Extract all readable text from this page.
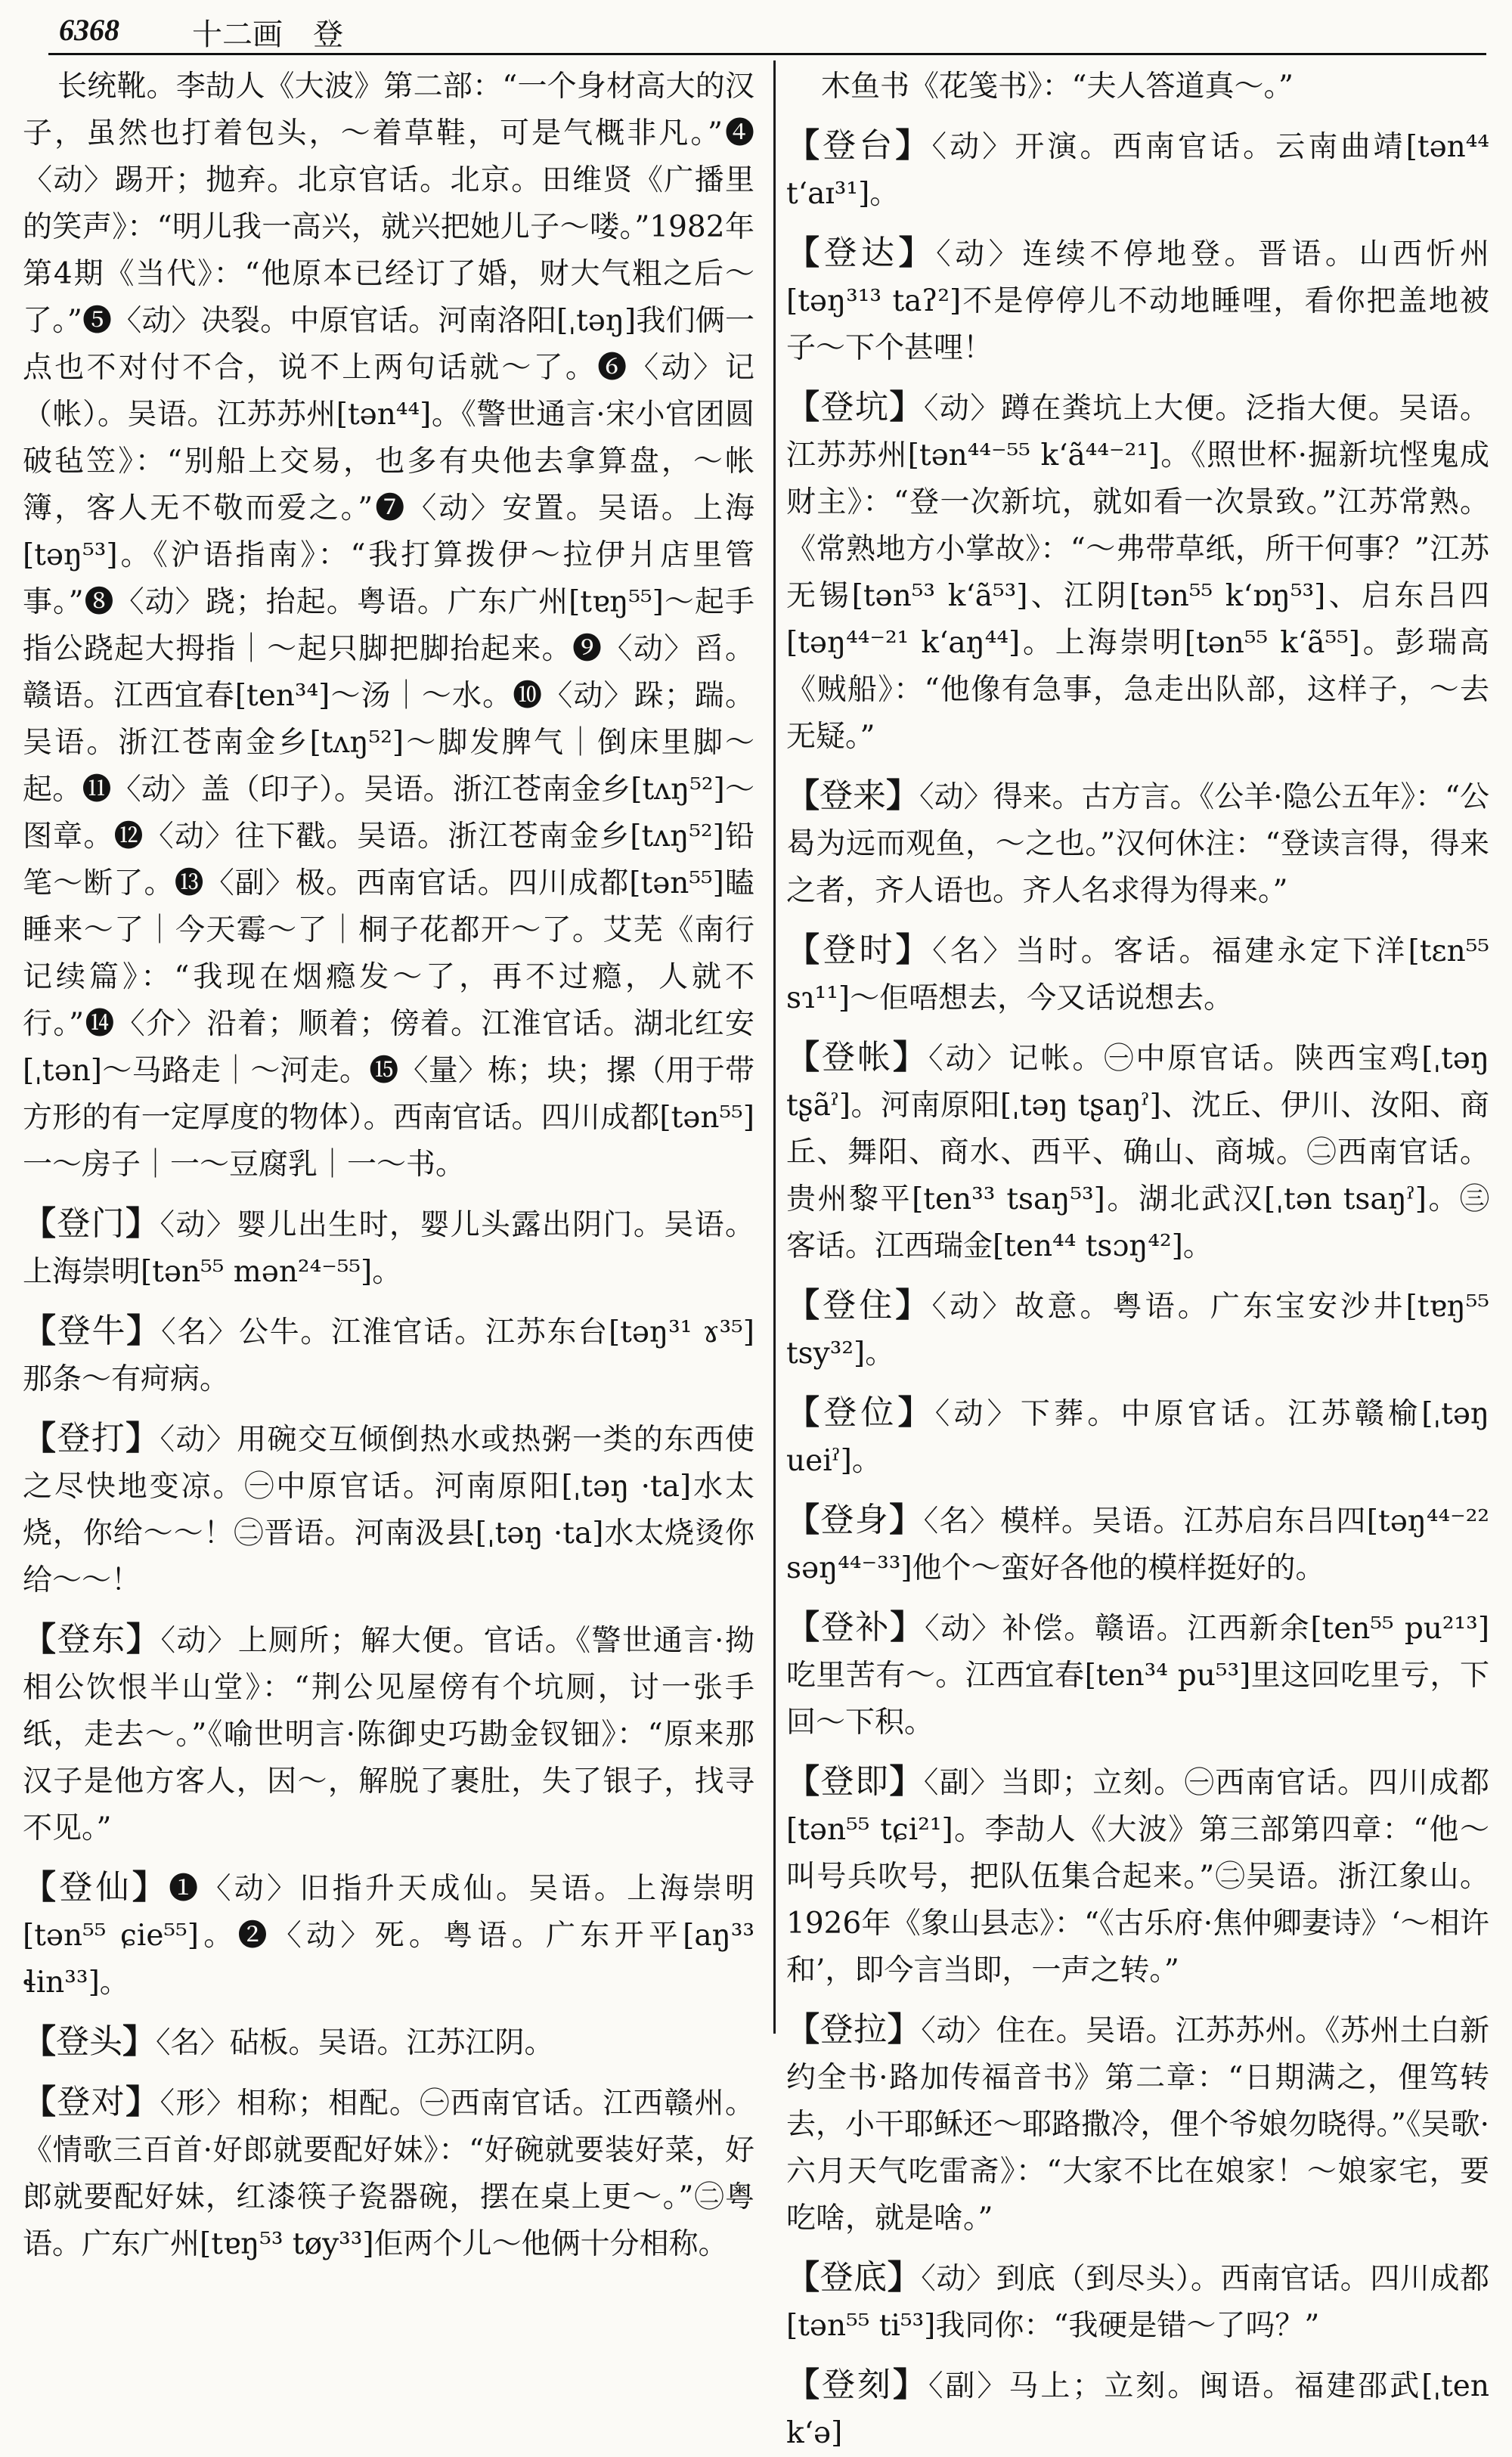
6368 十二画 登

长统靴。李劼人《大波》第二部：“一个身材高大的汉子，虽然也打着包头，～着草鞋，可是气概非凡。”❹〈动〉踢开；抛弃。北京官话。北京。田维贤《广播里的笑声》：“明儿我一高兴，就兴把她儿子～喽。”1982年第4期《当代》：“他原本已经订了婚，财大气粗之后～了。”❺〈动〉决裂。中原官话。河南洛阳[ˌtəŋ]我们俩一点也不对付不合，说不上两句话就～了。❻〈动〉记（帐）。吴语。江苏苏州[tən⁴⁴]。《警世通言·宋小官团圆破毡笠》：“别船上交易，也多有央他去拿算盘，～帐簿，客人无不敬而爱之。”❼〈动〉安置。吴语。上海[təŋ⁵³]。《沪语指南》：“我打算拨伊～拉伊爿店里管事。”❽〈动〉跷；抬起。粤语。广东广州[tɐŋ⁵⁵]～起手指公跷起大拇指｜～起只脚把脚抬起来。❾〈动〉舀。赣语。江西宜春[ten³⁴]～汤｜～水。❿〈动〉跺；踹。吴语。浙江苍南金乡[tʌŋ⁵²]～脚发脾气｜倒床里脚～起。⓫〈动〉盖（印子）。吴语。浙江苍南金乡[tʌŋ⁵²]～图章。⓬〈动〉往下戳。吴语。浙江苍南金乡[tʌŋ⁵²]铅笔～断了。⓭〈副〉极。西南官话。四川成都[tən⁵⁵]瞌睡来～了｜今天霉～了｜桐子花都开～了。艾芜《南行记续篇》：“我现在烟瘾发～了，再不过瘾，人就不行。”⓮〈介〉沿着；顺着；傍着。江淮官话。湖北红安[ˌtən]～马路走｜～河走。⓯〈量〉栋；块；摞（用于带方形的有一定厚度的物体）。西南官话。四川成都[tən⁵⁵]一～房子｜一～豆腐乳｜一～书。

【登门】〈动〉婴儿出生时，婴儿头露出阴门。吴语。上海崇明[tən⁵⁵ mən²⁴⁻⁵⁵]。

【登牛】〈名〉公牛。江淮官话。江苏东台[təŋ³¹ ɤ³⁵]那条～有疴病。

【登打】〈动〉用碗交互倾倒热水或热粥一类的东西使之尽快地变凉。㊀中原官话。河南原阳[ˌtəŋ ·ta]水太烧，你给～～！㊁晋语。河南汲县[ˌtəŋ ·ta]水太烧烫你给～～！

【登东】〈动〉上厕所；解大便。官话。《警世通言·拗相公饮恨半山堂》：“荆公见屋傍有个坑厕，讨一张手纸，走去～。”《喻世明言·陈御史巧勘金钗钿》：“原来那汉子是他方客人，因～，解脱了裹肚，失了银子，找寻不见。”

【登仙】❶〈动〉旧指升天成仙。吴语。上海崇明[tən⁵⁵ ɕie⁵⁵]。❷〈动〉死。粤语。广东开平[aŋ³³ ɬin³³]。

【登头】〈名〉砧板。吴语。江苏江阴。

【登对】〈形〉相称；相配。㊀西南官话。江西赣州。《情歌三百首·好郎就要配好妹》：“好碗就要装好菜，好郎就要配好妹，红漆筷子瓷器碗，摆在桌上更～。”㊁粤语。广东广州[tɐŋ⁵³ tøy³³]佢两个儿～他俩十分相称。

木鱼书《花笺书》：“夫人答道真～。”

【登台】〈动〉开演。西南官话。云南曲靖[tən⁴⁴ t‘aɪ³¹]。

【登达】〈动〉连续不停地登。晋语。山西忻州[təŋ³¹³ taʔ²]不是停停儿不动地睡哩，看你把盖地被子～下个甚哩！

【登坑】〈动〉蹲在粪坑上大便。泛指大便。吴语。江苏苏州[tən⁴⁴⁻⁵⁵ k‘ã⁴⁴⁻²¹]。《照世杯·掘新坑悭鬼成财主》：“登一次新坑，就如看一次景致。”江苏常熟。《常熟地方小掌故》：“～弗带草纸，所干何事？”江苏无锡[tən⁵³ k‘ã⁵³]、江阴[tən⁵⁵ k‘ɒŋ⁵³]、启东吕四[təŋ⁴⁴⁻²¹ k‘aŋ⁴⁴]。上海崇明[tən⁵⁵ k‘ã⁵⁵]。彭瑞高《贼船》：“他像有急事，急走出队部，这样子，～去无疑。”

【登来】〈动〉得来。古方言。《公羊·隐公五年》：“公曷为远而观鱼，～之也。”汉何休注：“登读言得，得来之者，齐人语也。齐人名求得为得来。”

【登时】〈名〉当时。客话。福建永定下洋[tɛn⁵⁵ sɿ¹¹]～佢唔想去，今又话说想去。

【登帐】〈动〉记帐。㊀中原官话。陕西宝鸡[ˌtəŋ tʂãˀ]。河南原阳[ˌtəŋ tʂaŋˀ]、沈丘、伊川、汝阳、商丘、舞阳、商水、西平、确山、商城。㊁西南官话。贵州黎平[ten³³ tsaŋ⁵³]。湖北武汉[ˌtən tsaŋˀ]。㊂客话。江西瑞金[ten⁴⁴ tsɔŋ⁴²]。

【登住】〈动〉故意。粤语。广东宝安沙井[tɐŋ⁵⁵ tsy³²]。

【登位】〈动〉下葬。中原官话。江苏赣榆[ˌtəŋ ueiˀ]。

【登身】〈名〉模样。吴语。江苏启东吕四[təŋ⁴⁴⁻²² səŋ⁴⁴⁻³³]他个～蛮好各他的模样挺好的。

【登补】〈动〉补偿。赣语。江西新余[ten⁵⁵ pu²¹³]吃里苦有～。江西宜春[ten³⁴ pu⁵³]里这回吃里亏，下回～下积。

【登即】〈副〉当即；立刻。㊀西南官话。四川成都[tən⁵⁵ tɕi²¹]。李劼人《大波》第三部第四章：“他～叫号兵吹号，把队伍集合起来。”㊁吴语。浙江象山。1926年《象山县志》：“《古乐府·焦仲卿妻诗》‘～相许和’，即今言当即，一声之转。”

【登拉】〈动〉住在。吴语。江苏苏州。《苏州土白新约全书·路加传福音书》第二章：“日期满之，俚笃转去，小干耶稣还～耶路撒冷，俚个爷娘勿晓得。”《吴歌·六月天气吃雷斋》：“大家不比在娘家！～娘家宅，要吃啥，就是啥。”

【登底】〈动〉到底（到尽头）。西南官话。四川成都[tən⁵⁵ ti⁵³]我同你：“我硬是错～了吗？”

【登刻】〈副〉马上；立刻。闽语。福建邵武[ˌten k‘ə]
